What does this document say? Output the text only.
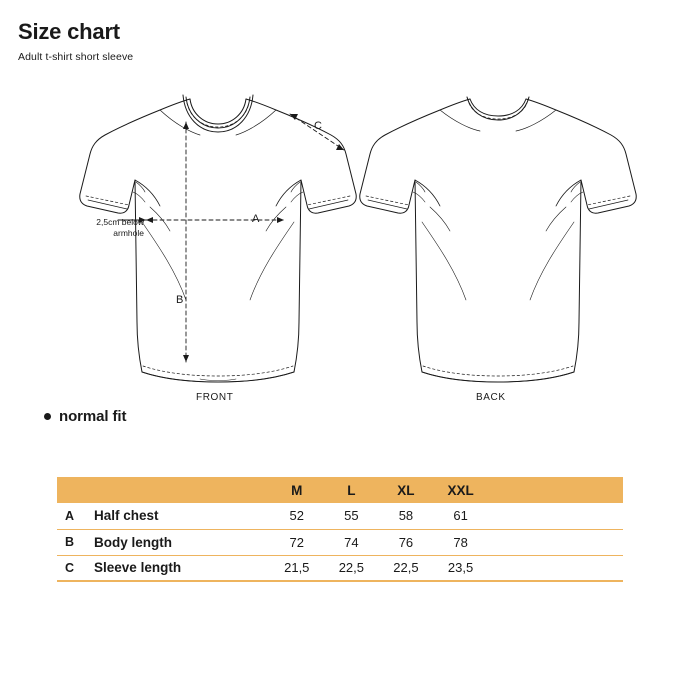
Size chart

Adult t-shirt short sleeve

2,5cm below
armhole
A
B
C
FRONT	BACK
normal fit
		M	L	XL	XXL	
A	Half chest	52	55	58	61	
B	Body length	72	74	76	78	
C	Sleeve length	21,5	22,5	22,5	23,5	
